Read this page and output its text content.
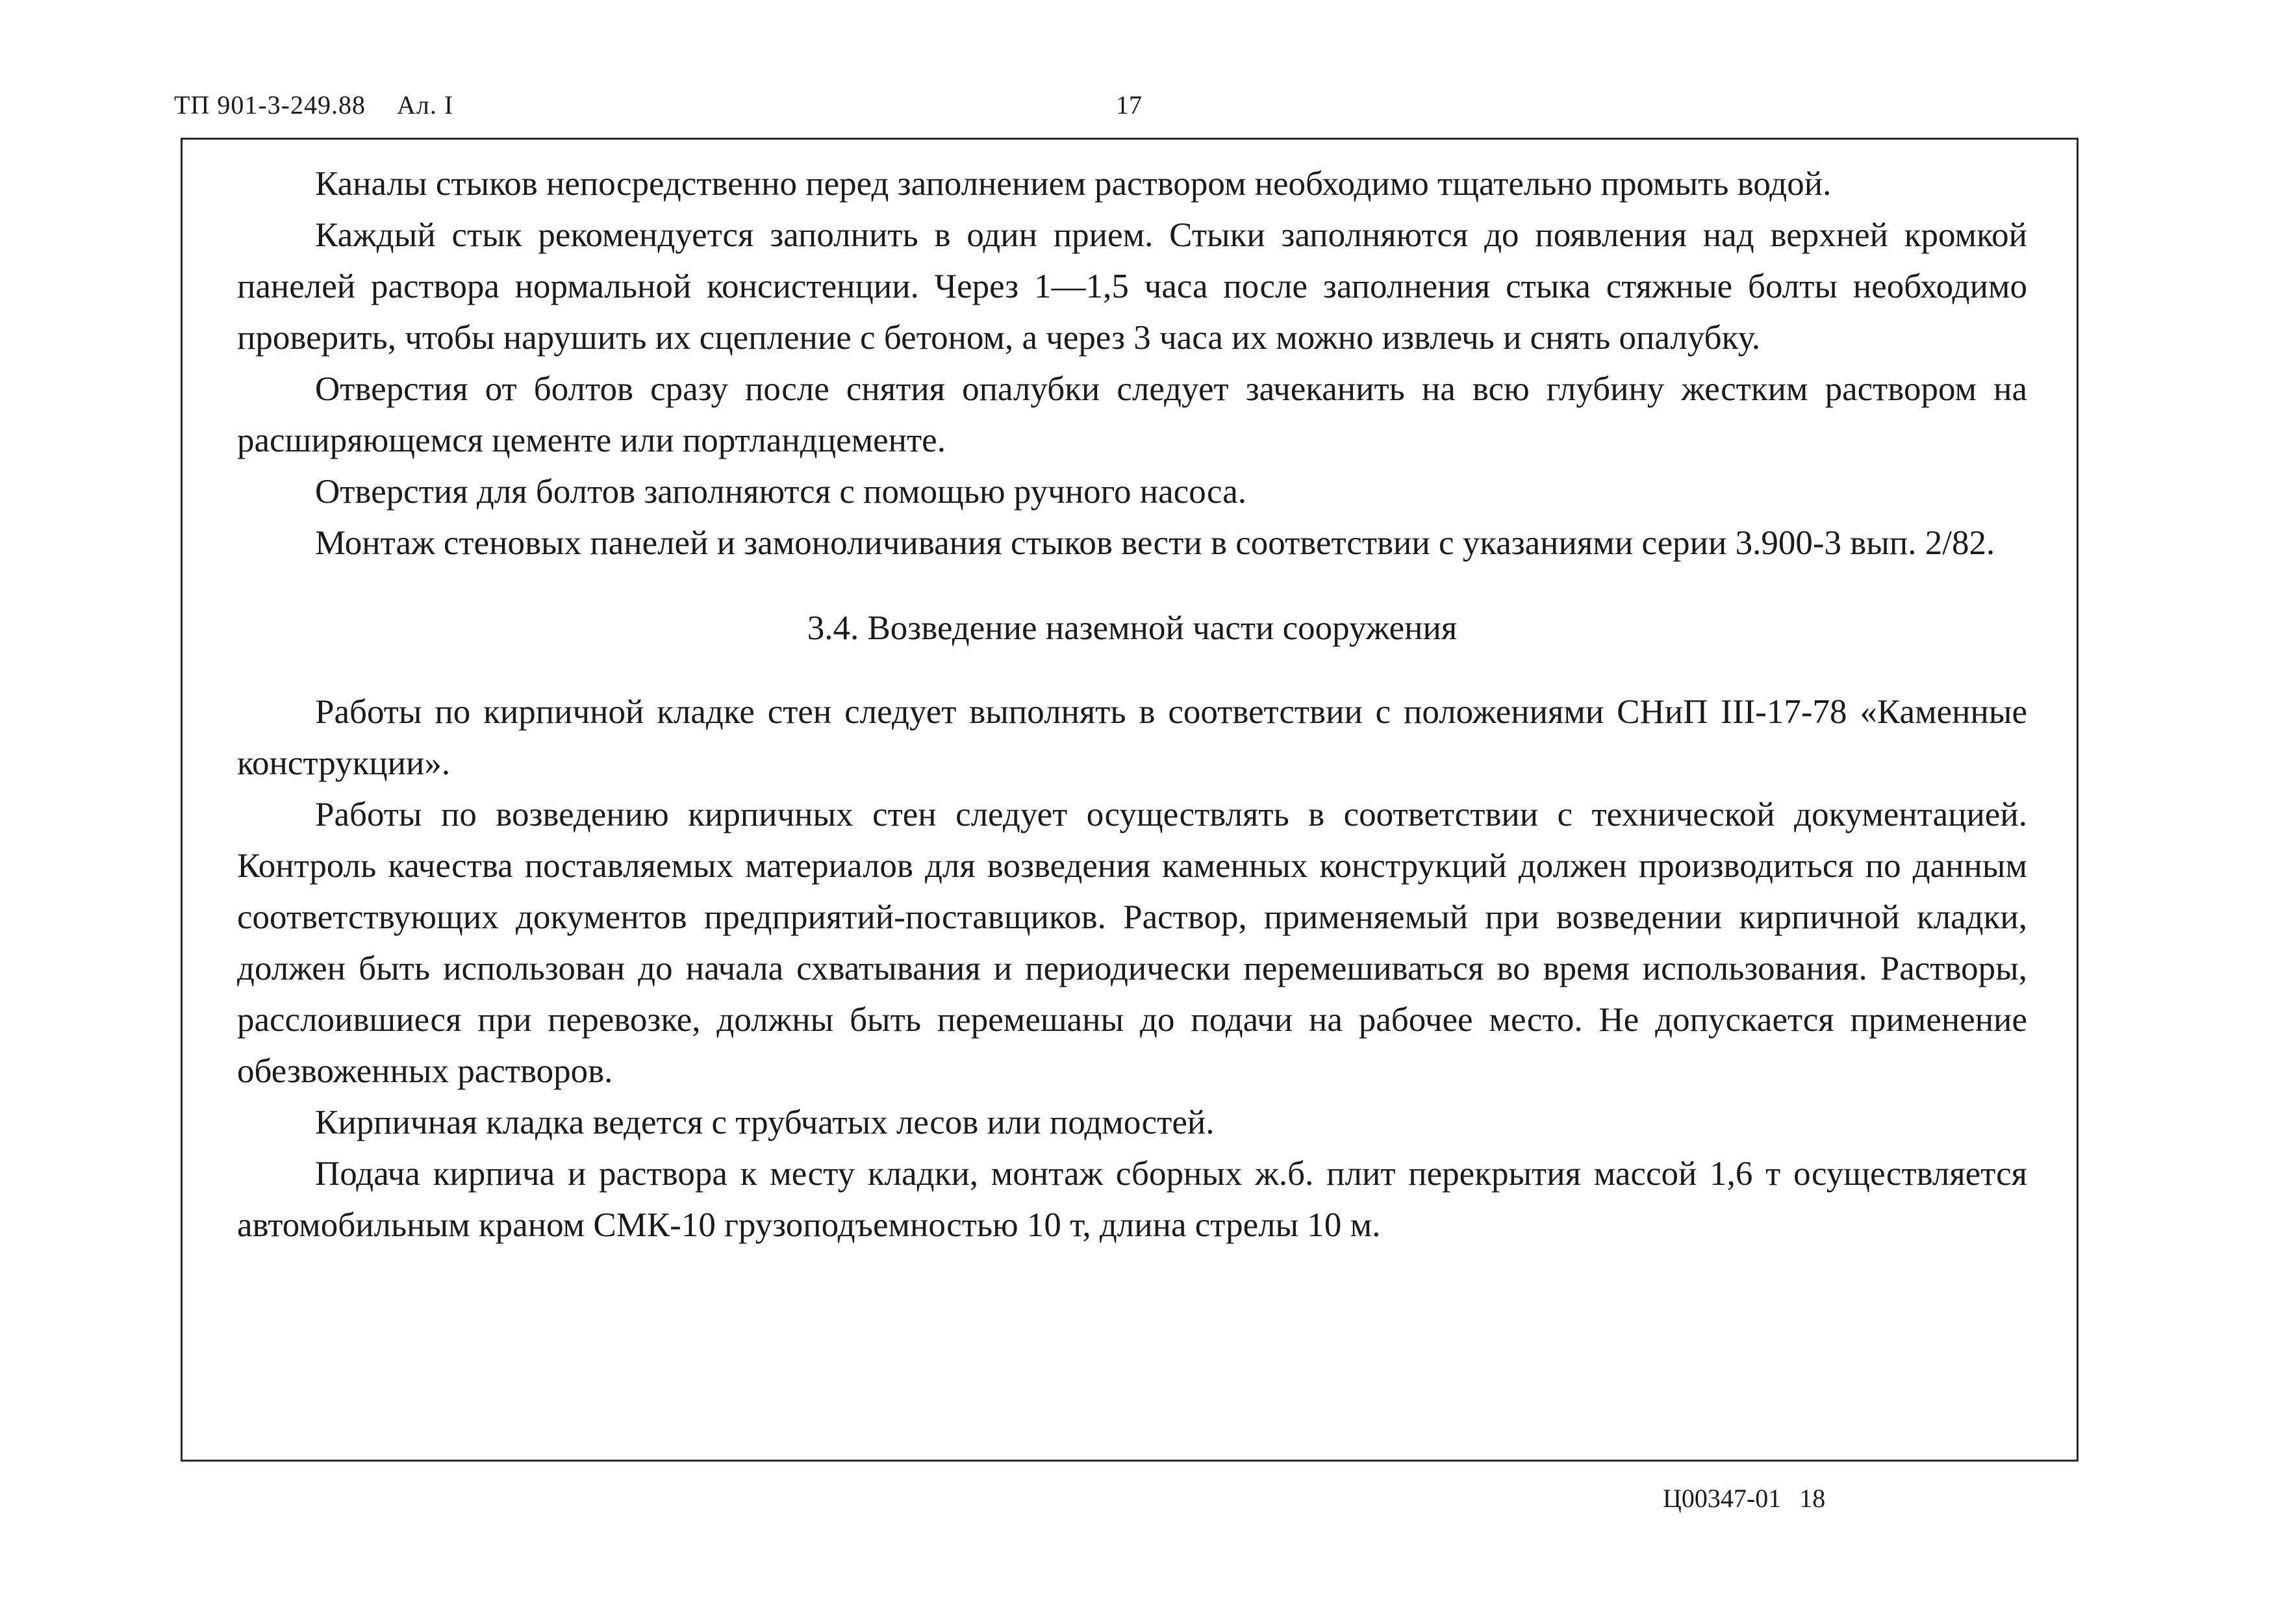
ТП 901-3-249.88 Ал. I	17

Каналы стыков непосредственно перед заполнением раствором необходимо тщательно промыть водой.

Каждый стык рекомендуется заполнить в один прием. Стыки заполняются до появления над верхней кромкой панелей раствора нормальной консистенции. Через 1—1,5 часа после заполнения стыка стяжные болты необходимо проверить, чтобы нарушить их сцепление с бетоном, а через 3 часа их можно извлечь и снять опалубку.

Отверстия от болтов сразу после снятия опалубки следует зачеканить на всю глубину жестким раствором на расширяющемся цементе или портландцементе.

Отверстия для болтов заполняются с помощью ручного насоса.

Монтаж стеновых панелей и замоноличивания стыков вести в соответствии с указаниями серии 3.900-3 вып. 2/82.

3.4. Возведение наземной части сооружения

Работы по кирпичной кладке стен следует выполнять в соответствии с положениями СНиП III-17-78 «Каменные конструкции».

Работы по возведению кирпичных стен следует осуществлять в соответствии с технической документацией. Контроль качества поставляемых материалов для возведения каменных конструкций должен производиться по данным соответствующих документов предприятий-поставщиков. Раствор, применяемый при возведении кирпичной кладки, должен быть использован до начала схватывания и периодически перемешиваться во время использования. Растворы, расслоившиеся при перевозке, должны быть перемешаны до подачи на рабочее место. Не допускается применение обезвоженных растворов.

Кирпичная кладка ведется с трубчатых лесов или подмостей.

Подача кирпича и раствора к месту кладки, монтаж сборных ж.б. плит перекрытия массой 1,6 т осуществляется автомобильным краном СМК-10 грузоподъемностью 10 т, длина стрелы 10 м.

Ц00347-01 18
